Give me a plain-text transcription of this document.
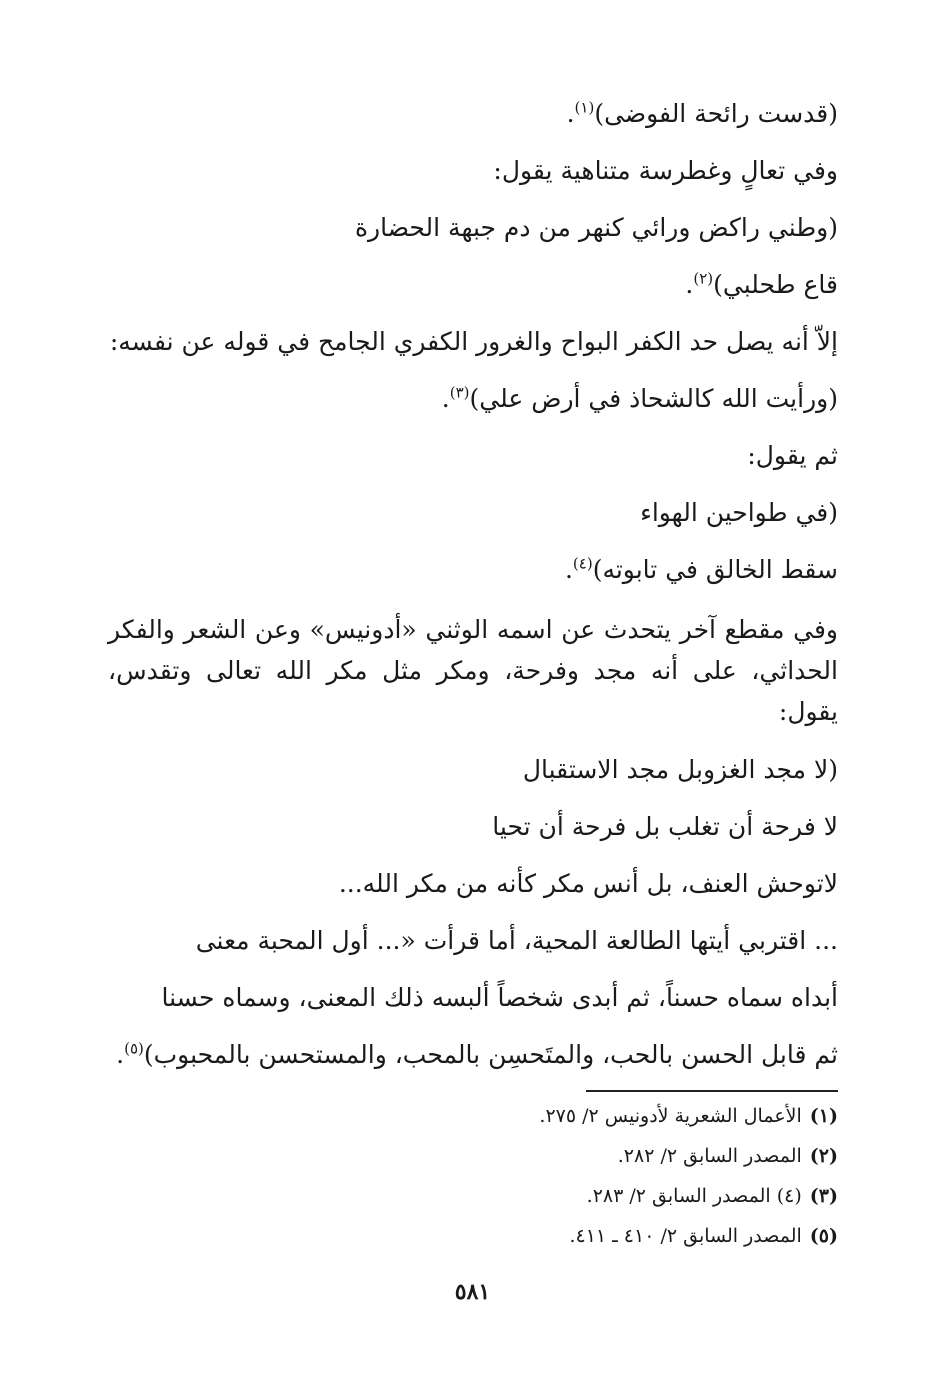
(قدست رائحة الفوضى)$^{(١)}$.
وفي تعالٍ وغطرسة متناهية يقول:
(وطني راكض ورائي كنهر من دم جبهة الحضارة
قاع طحلبي)$^{(٢)}$.
إلاّ أنه يصل حد الكفر البواح والغرور الكفري الجامح في قوله عن نفسه:
(ورأيت الله كالشحاذ في أرض علي)$^{(٣)}$.
ثم يقول:
(في طواحين الهواء
سقط الخالق في تابوته)$^{(٤)}$.
وفي مقطع آخر يتحدث عن اسمه الوثني «أدونيس» وعن الشعر والفكر الحداثي، على أنه مجد وفرحة، ومكر مثل مكر الله تعالى وتقدس، يقول:
(لا مجد الغزوبل مجد الاستقبال
لا فرحة أن تغلب بل فرحة أن تحيا
لاتوحش العنف، بل أنس مكر كأنه من مكر الله...
... اقتربي أيتها الطالعة المحية، أما قرأت «... أول المحبة معنى
أبداه سماه حسناً، ثم أبدى شخصاً ألبسه ذلك المعنى، وسماه حسنا
ثم قابل الحسن بالحب، والمتَحسِن بالمحب، والمستحسن بالمحبوب)$^{(٥)}$.
(١)الأعمال الشعرية لأدونيس ٢/ ٢٧٥.
(٢)المصدر السابق ٢/ ٢٨٢.
(٣)(٤) المصدر السابق ٢/ ٢٨٣.
(٥)المصدر السابق ٢/ ٤١٠ ـ ٤١١.
٥٨١
